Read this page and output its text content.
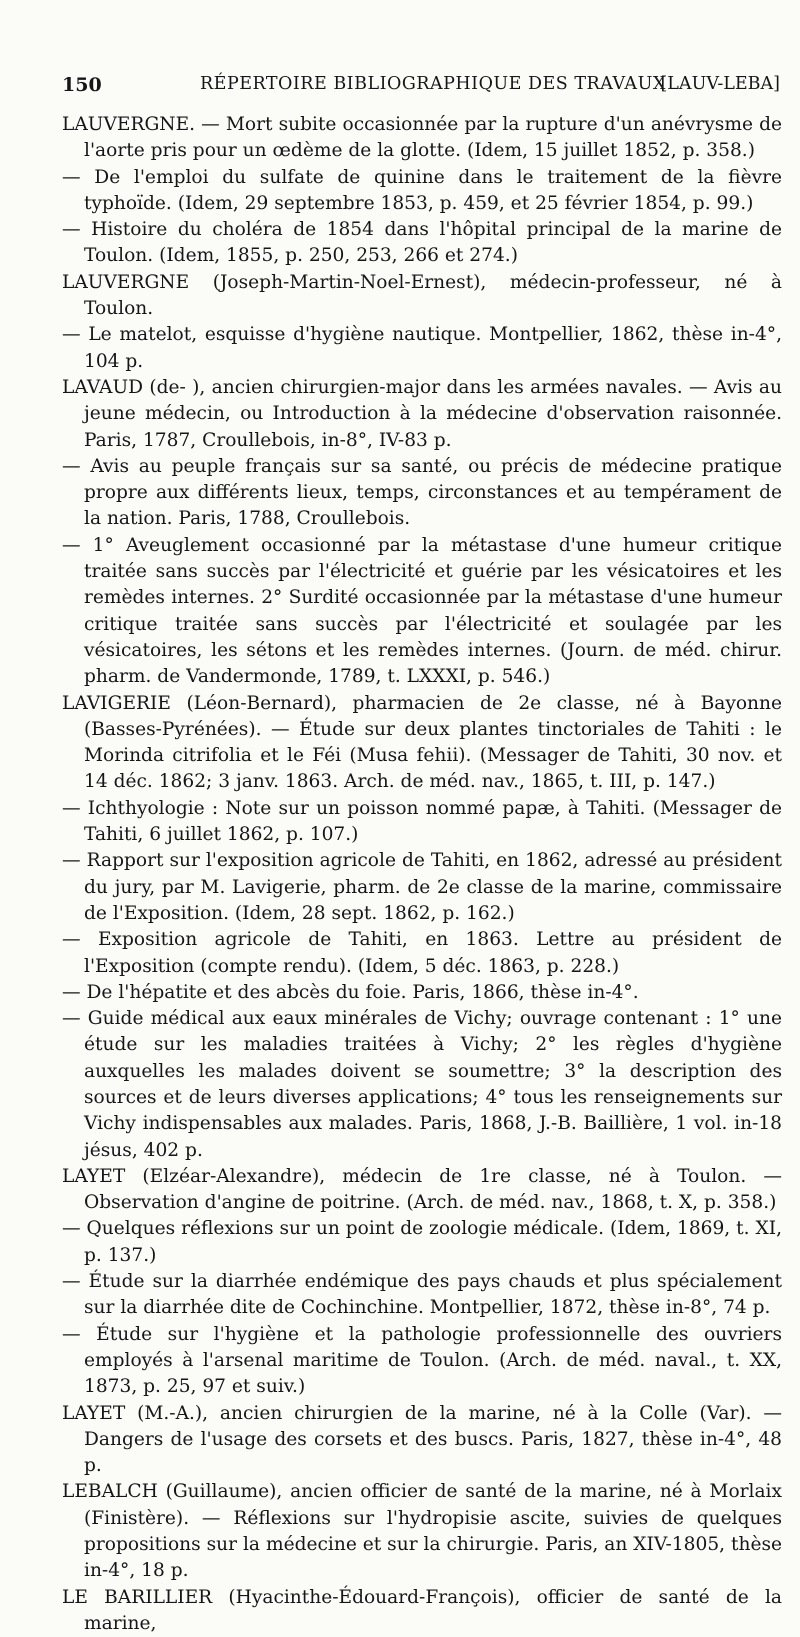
150	RÉPERTOIRE BIBLIOGRAPHIQUE DES TRAVAUX
[LAUV-LEBA]

LAUVERGNE. — Mort subite occasionnée par la rupture d'un anévrysme de l'aorte pris pour un œdème de la glotte. (Idem, 15 juillet 1852, p. 358.)

— De l'emploi du sulfate de quinine dans le traitement de la fièvre typhoïde. (Idem, 29 septembre 1853, p. 459, et 25 février 1854, p. 99.)

— Histoire du choléra de 1854 dans l'hôpital principal de la marine de Toulon. (Idem, 1855, p. 250, 253, 266 et 274.)

LAUVERGNE (Joseph-Martin-Noel-Ernest), médecin-professeur, né à Toulon.

— Le matelot, esquisse d'hygiène nautique. Montpellier, 1862, thèse in-4°, 104 p.

LAVAUD (de- ), ancien chirurgien-major dans les armées navales. — Avis au jeune médecin, ou Introduction à la médecine d'observation raisonnée. Paris, 1787, Croullebois, in-8°, IV-83 p.

— Avis au peuple français sur sa santé, ou précis de médecine pratique propre aux différents lieux, temps, circonstances et au tempérament de la nation. Paris, 1788, Croullebois.

— 1° Aveuglement occasionné par la métastase d'une humeur critique traitée sans succès par l'électricité et guérie par les vésicatoires et les remèdes internes. 2° Surdité occasionnée par la métastase d'une humeur critique traitée sans succès par l'électricité et soulagée par les vésicatoires, les sétons et les remèdes internes. (Journ. de méd. chirur. pharm. de Vandermonde, 1789, t. LXXXI, p. 546.)

LAVIGERIE (Léon-Bernard), pharmacien de 2e classe, né à Bayonne (Basses-Pyrénées). — Étude sur deux plantes tinctoriales de Tahiti : le Morinda citrifolia et le Féi (Musa fehii). (Messager de Tahiti, 30 nov. et 14 déc. 1862; 3 janv. 1863. Arch. de méd. nav., 1865, t. III, p. 147.)

— Ichthyologie : Note sur un poisson nommé papæ, à Tahiti. (Messager de Tahiti, 6 juillet 1862, p. 107.)

— Rapport sur l'exposition agricole de Tahiti, en 1862, adressé au président du jury, par M. Lavigerie, pharm. de 2e classe de la marine, commissaire de l'Exposition. (Idem, 28 sept. 1862, p. 162.)

— Exposition agricole de Tahiti, en 1863. Lettre au président de l'Exposition (compte rendu). (Idem, 5 déc. 1863, p. 228.)

— De l'hépatite et des abcès du foie. Paris, 1866, thèse in-4°.

— Guide médical aux eaux minérales de Vichy; ouvrage contenant : 1° une étude sur les maladies traitées à Vichy; 2° les règles d'hygiène auxquelles les malades doivent se soumettre; 3° la description des sources et de leurs diverses applications; 4° tous les renseignements sur Vichy indispensables aux malades. Paris, 1868, J.-B. Baillière, 1 vol. in-18 jésus, 402 p.

LAYET (Elzéar-Alexandre), médecin de 1re classe, né à Toulon. — Observation d'angine de poitrine. (Arch. de méd. nav., 1868, t. X, p. 358.)

— Quelques réflexions sur un point de zoologie médicale. (Idem, 1869, t. XI, p. 137.)

— Étude sur la diarrhée endémique des pays chauds et plus spécialement sur la diarrhée dite de Cochinchine. Montpellier, 1872, thèse in-8°, 74 p.

— Étude sur l'hygiène et la pathologie professionnelle des ouvriers employés à l'arsenal maritime de Toulon. (Arch. de méd. naval., t. XX, 1873, p. 25, 97 et suiv.)

LAYET (M.-A.), ancien chirurgien de la marine, né à la Colle (Var). — Dangers de l'usage des corsets et des buscs. Paris, 1827, thèse in-4°, 48 p.

LEBALCH (Guillaume), ancien officier de santé de la marine, né à Morlaix (Finistère). — Réflexions sur l'hydropisie ascite, suivies de quelques propositions sur la médecine et sur la chirurgie. Paris, an XIV-1805, thèse in-4°, 18 p.

LE BARILLIER (Hyacinthe-Édouard-François), officier de santé de la marine,
